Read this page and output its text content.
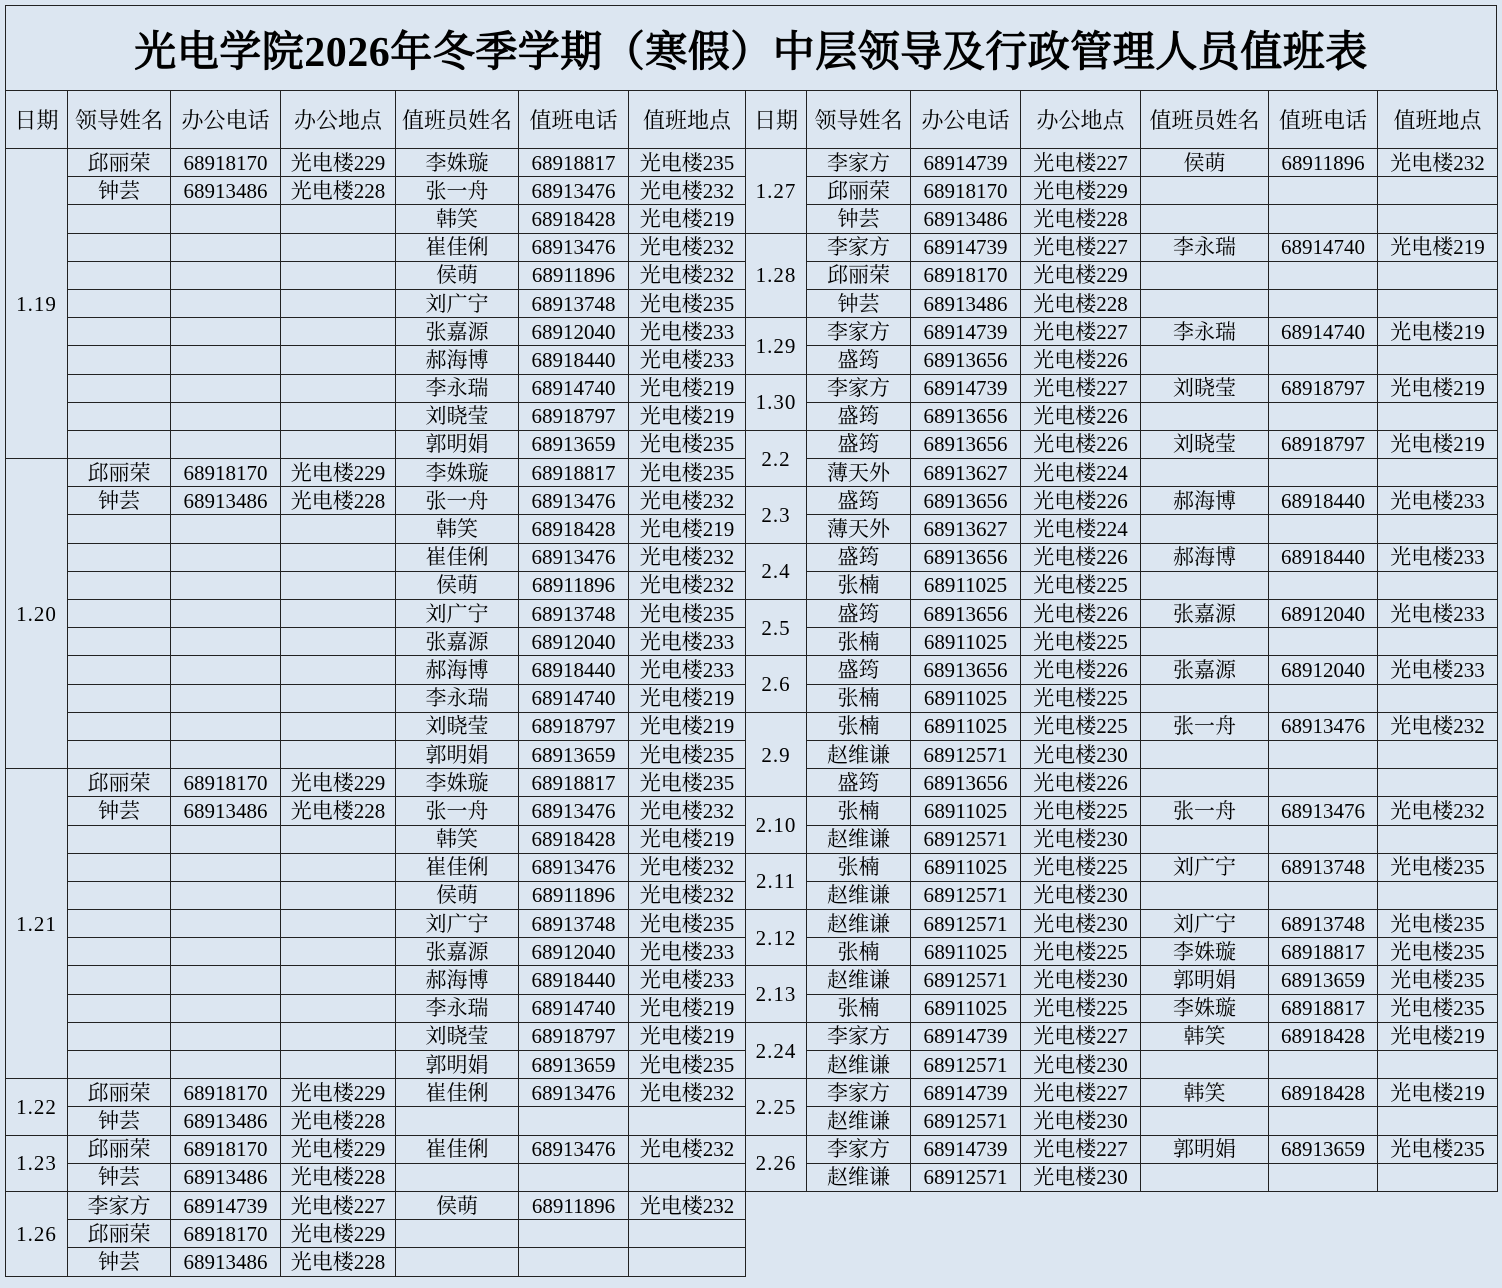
光电学院2026年冬季学期（寒假）中层领导及行政管理人员值班表
日期	领导姓名	办公电话	办公地点	值班员姓名	值班电话	值班地点	日期	领导姓名	办公电话	办公地点	值班员姓名	值班电话	值班地点
1.19	邱丽荣	68918170	光电楼229	李姝璇	68918817	光电楼235	1.27	李家方	68914739	光电楼227	侯萌	68911896	光电楼232
	钟芸	68913486	光电楼228	张一舟	68913476	光电楼232		邱丽荣	68918170	光电楼229			
				韩笑	68918428	光电楼219		钟芸	68913486	光电楼228			
				崔佳俐	68913476	光电楼232	1.28	李家方	68914739	光电楼227	李永瑞	68914740	光电楼219
				侯萌	68911896	光电楼232		邱丽荣	68918170	光电楼229			
				刘广宁	68913748	光电楼235		钟芸	68913486	光电楼228			
				张嘉源	68912040	光电楼233	1.29	李家方	68914739	光电楼227	李永瑞	68914740	光电楼219
				郝海博	68918440	光电楼233		盛筠	68913656	光电楼226			
				李永瑞	68914740	光电楼219	1.30	李家方	68914739	光电楼227	刘晓莹	68918797	光电楼219
				刘晓莹	68918797	光电楼219		盛筠	68913656	光电楼226			
				郭明娟	68913659	光电楼235	2.2	盛筠	68913656	光电楼226	刘晓莹	68918797	光电楼219
1.20	邱丽荣	68918170	光电楼229	李姝璇	68918817	光电楼235		薄天外	68913627	光电楼224			
	钟芸	68913486	光电楼228	张一舟	68913476	光电楼232	2.3	盛筠	68913656	光电楼226	郝海博	68918440	光电楼233
				韩笑	68918428	光电楼219		薄天外	68913627	光电楼224			
				崔佳俐	68913476	光电楼232	2.4	盛筠	68913656	光电楼226	郝海博	68918440	光电楼233
				侯萌	68911896	光电楼232		张楠	68911025	光电楼225			
				刘广宁	68913748	光电楼235	2.5	盛筠	68913656	光电楼226	张嘉源	68912040	光电楼233
				张嘉源	68912040	光电楼233		张楠	68911025	光电楼225			
				郝海博	68918440	光电楼233	2.6	盛筠	68913656	光电楼226	张嘉源	68912040	光电楼233
				李永瑞	68914740	光电楼219		张楠	68911025	光电楼225			
				刘晓莹	68918797	光电楼219	2.9	张楠	68911025	光电楼225	张一舟	68913476	光电楼232
				郭明娟	68913659	光电楼235		赵维谦	68912571	光电楼230			
1.21	邱丽荣	68918170	光电楼229	李姝璇	68918817	光电楼235		盛筠	68913656	光电楼226			
	钟芸	68913486	光电楼228	张一舟	68913476	光电楼232	2.10	张楠	68911025	光电楼225	张一舟	68913476	光电楼232
				韩笑	68918428	光电楼219		赵维谦	68912571	光电楼230			
				崔佳俐	68913476	光电楼232	2.11	张楠	68911025	光电楼225	刘广宁	68913748	光电楼235
				侯萌	68911896	光电楼232		赵维谦	68912571	光电楼230			
				刘广宁	68913748	光电楼235	2.12	赵维谦	68912571	光电楼230	刘广宁	68913748	光电楼235
				张嘉源	68912040	光电楼233		张楠	68911025	光电楼225	李姝璇	68918817	光电楼235
				郝海博	68918440	光电楼233	2.13	赵维谦	68912571	光电楼230	郭明娟	68913659	光电楼235
				李永瑞	68914740	光电楼219		张楠	68911025	光电楼225	李姝璇	68918817	光电楼235
				刘晓莹	68918797	光电楼219	2.24	李家方	68914739	光电楼227	韩笑	68918428	光电楼219
				郭明娟	68913659	光电楼235		赵维谦	68912571	光电楼230			
1.22	邱丽荣	68918170	光电楼229	崔佳俐	68913476	光电楼232	2.25	李家方	68914739	光电楼227	韩笑	68918428	光电楼219
	钟芸	68913486	光电楼228					赵维谦	68912571	光电楼230			
1.23	邱丽荣	68918170	光电楼229	崔佳俐	68913476	光电楼232	2.26	李家方	68914739	光电楼227	郭明娟	68913659	光电楼235
	钟芸	68913486	光电楼228					赵维谦	68912571	光电楼230			
1.26	李家方	68914739	光电楼227	侯萌	68911896	光电楼232							
	邱丽荣	68918170	光电楼229										
	钟芸	68913486	光电楼228										
